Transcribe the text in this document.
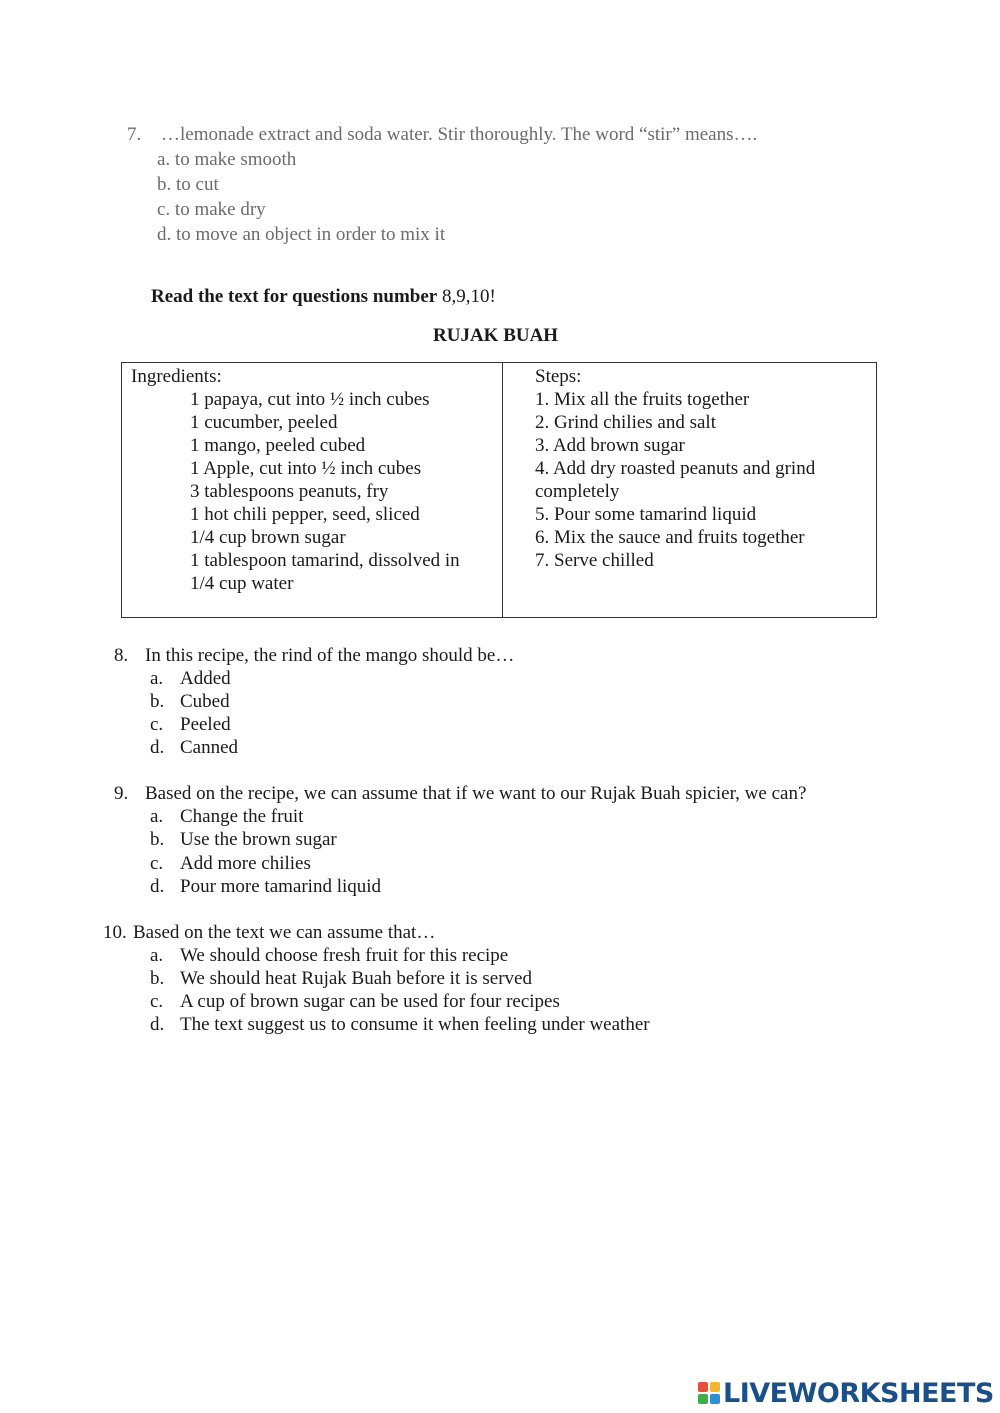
7. …lemonade extract and soda water. Stir thoroughly. The word “stir” means….
a. to make smooth
b. to cut
c. to make dry
d. to move an object in order to mix it
Read the text for questions number 8,9,10!
RUJAK BUAH
Ingredients:
1 papaya, cut into ½ inch cubes
1 cucumber, peeled
1 mango, peeled cubed
1 Apple, cut into ½ inch cubes
3 tablespoons peanuts, fry
1 hot chili pepper, seed, sliced
1/4 cup brown sugar
1 tablespoon tamarind, dissolved in
1/4 cup water
Steps:
1. Mix all the fruits together
2. Grind chilies and salt
3. Add brown sugar
4. Add dry roasted peanuts and grind
completely
5. Pour some tamarind liquid
6. Mix the sauce and fruits together
7. Serve chilled
8. In this recipe, the rind of the mango should be…
a. Added
b. Cubed
c. Peeled
d. Canned
9. Based on the recipe, we can assume that if we want to our Rujak Buah spicier, we can?
a. Change the fruit
b. Use the brown sugar
c. Add more chilies
d. Pour more tamarind liquid
10. Based on the text we can assume that…
a. We should choose fresh fruit for this recipe
b. We should heat Rujak Buah before it is served
c. A cup of brown sugar can be used for four recipes
d. The text suggest us to consume it when feeling under weather
LIVEWORKSHEETS
